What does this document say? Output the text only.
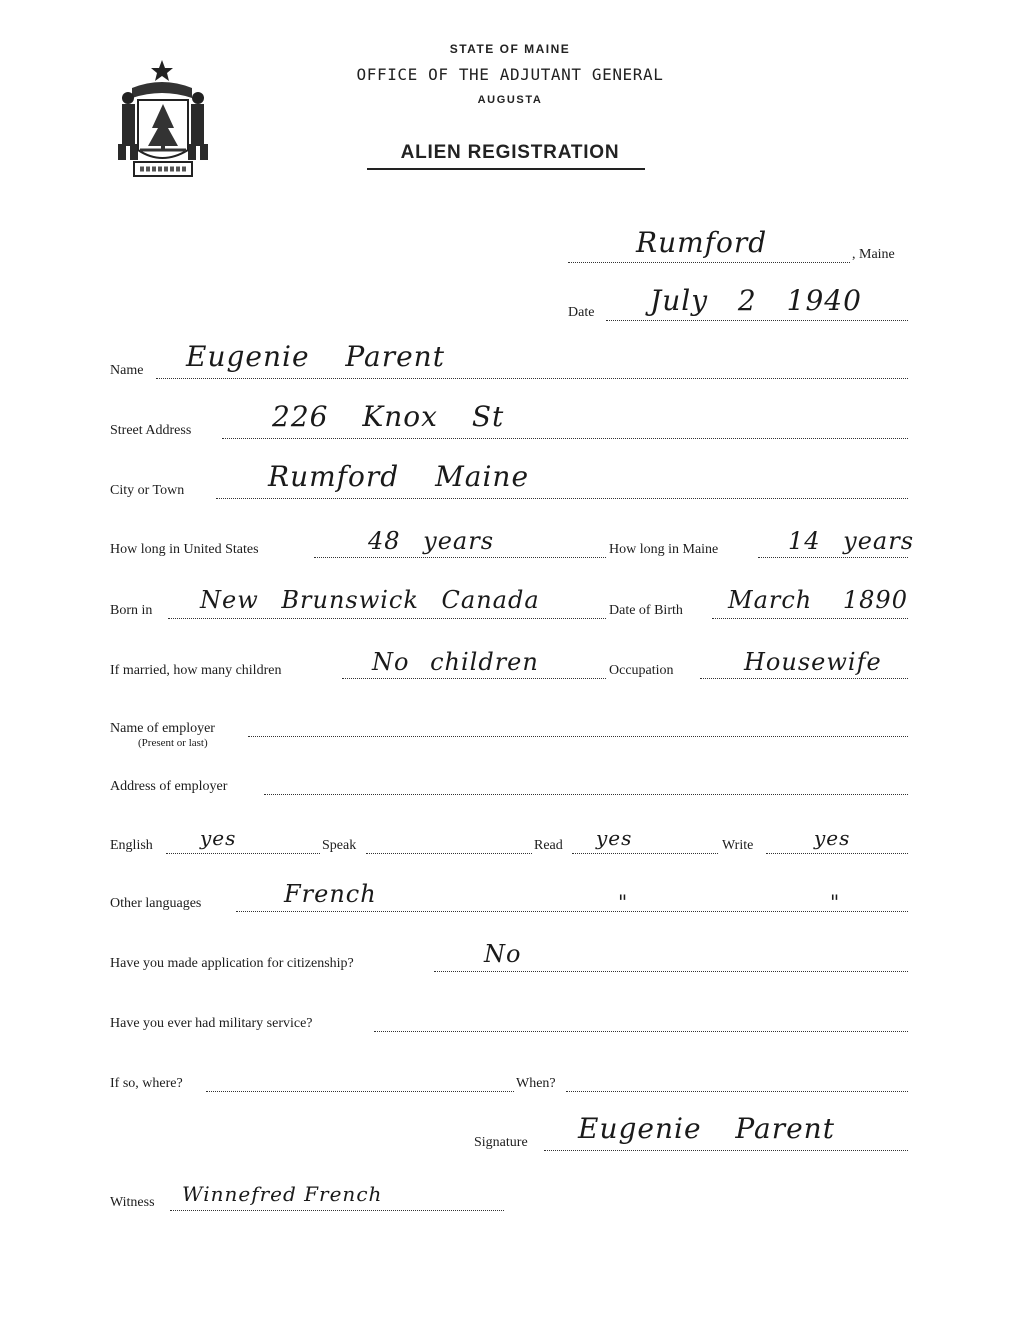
STATE OF MAINE
OFFICE OF THE ADJUTANT GENERAL
AUGUSTA
ALIEN REGISTRATION
Rumford	, Maine
Date July 2 1940
Name Eugenie Parent
Street Address	226 Knox St
City or Town	Rumford Maine
How long in United States	48 years	How long in Maine	14 years
Born in New Brunswick Canada	Date of Birth March 1890
If married, how many children	No children	Occupation	Housewife
Name of employer
(Present or last)
Address of employer
English yes	Speak	Read yes	Write	yes
Other languages	French	"	"
Have you made application for citizenship?	No
Have you ever had military service?
If so, where?	When?
Signature Eugenie Parent
Witness Winnefred French
